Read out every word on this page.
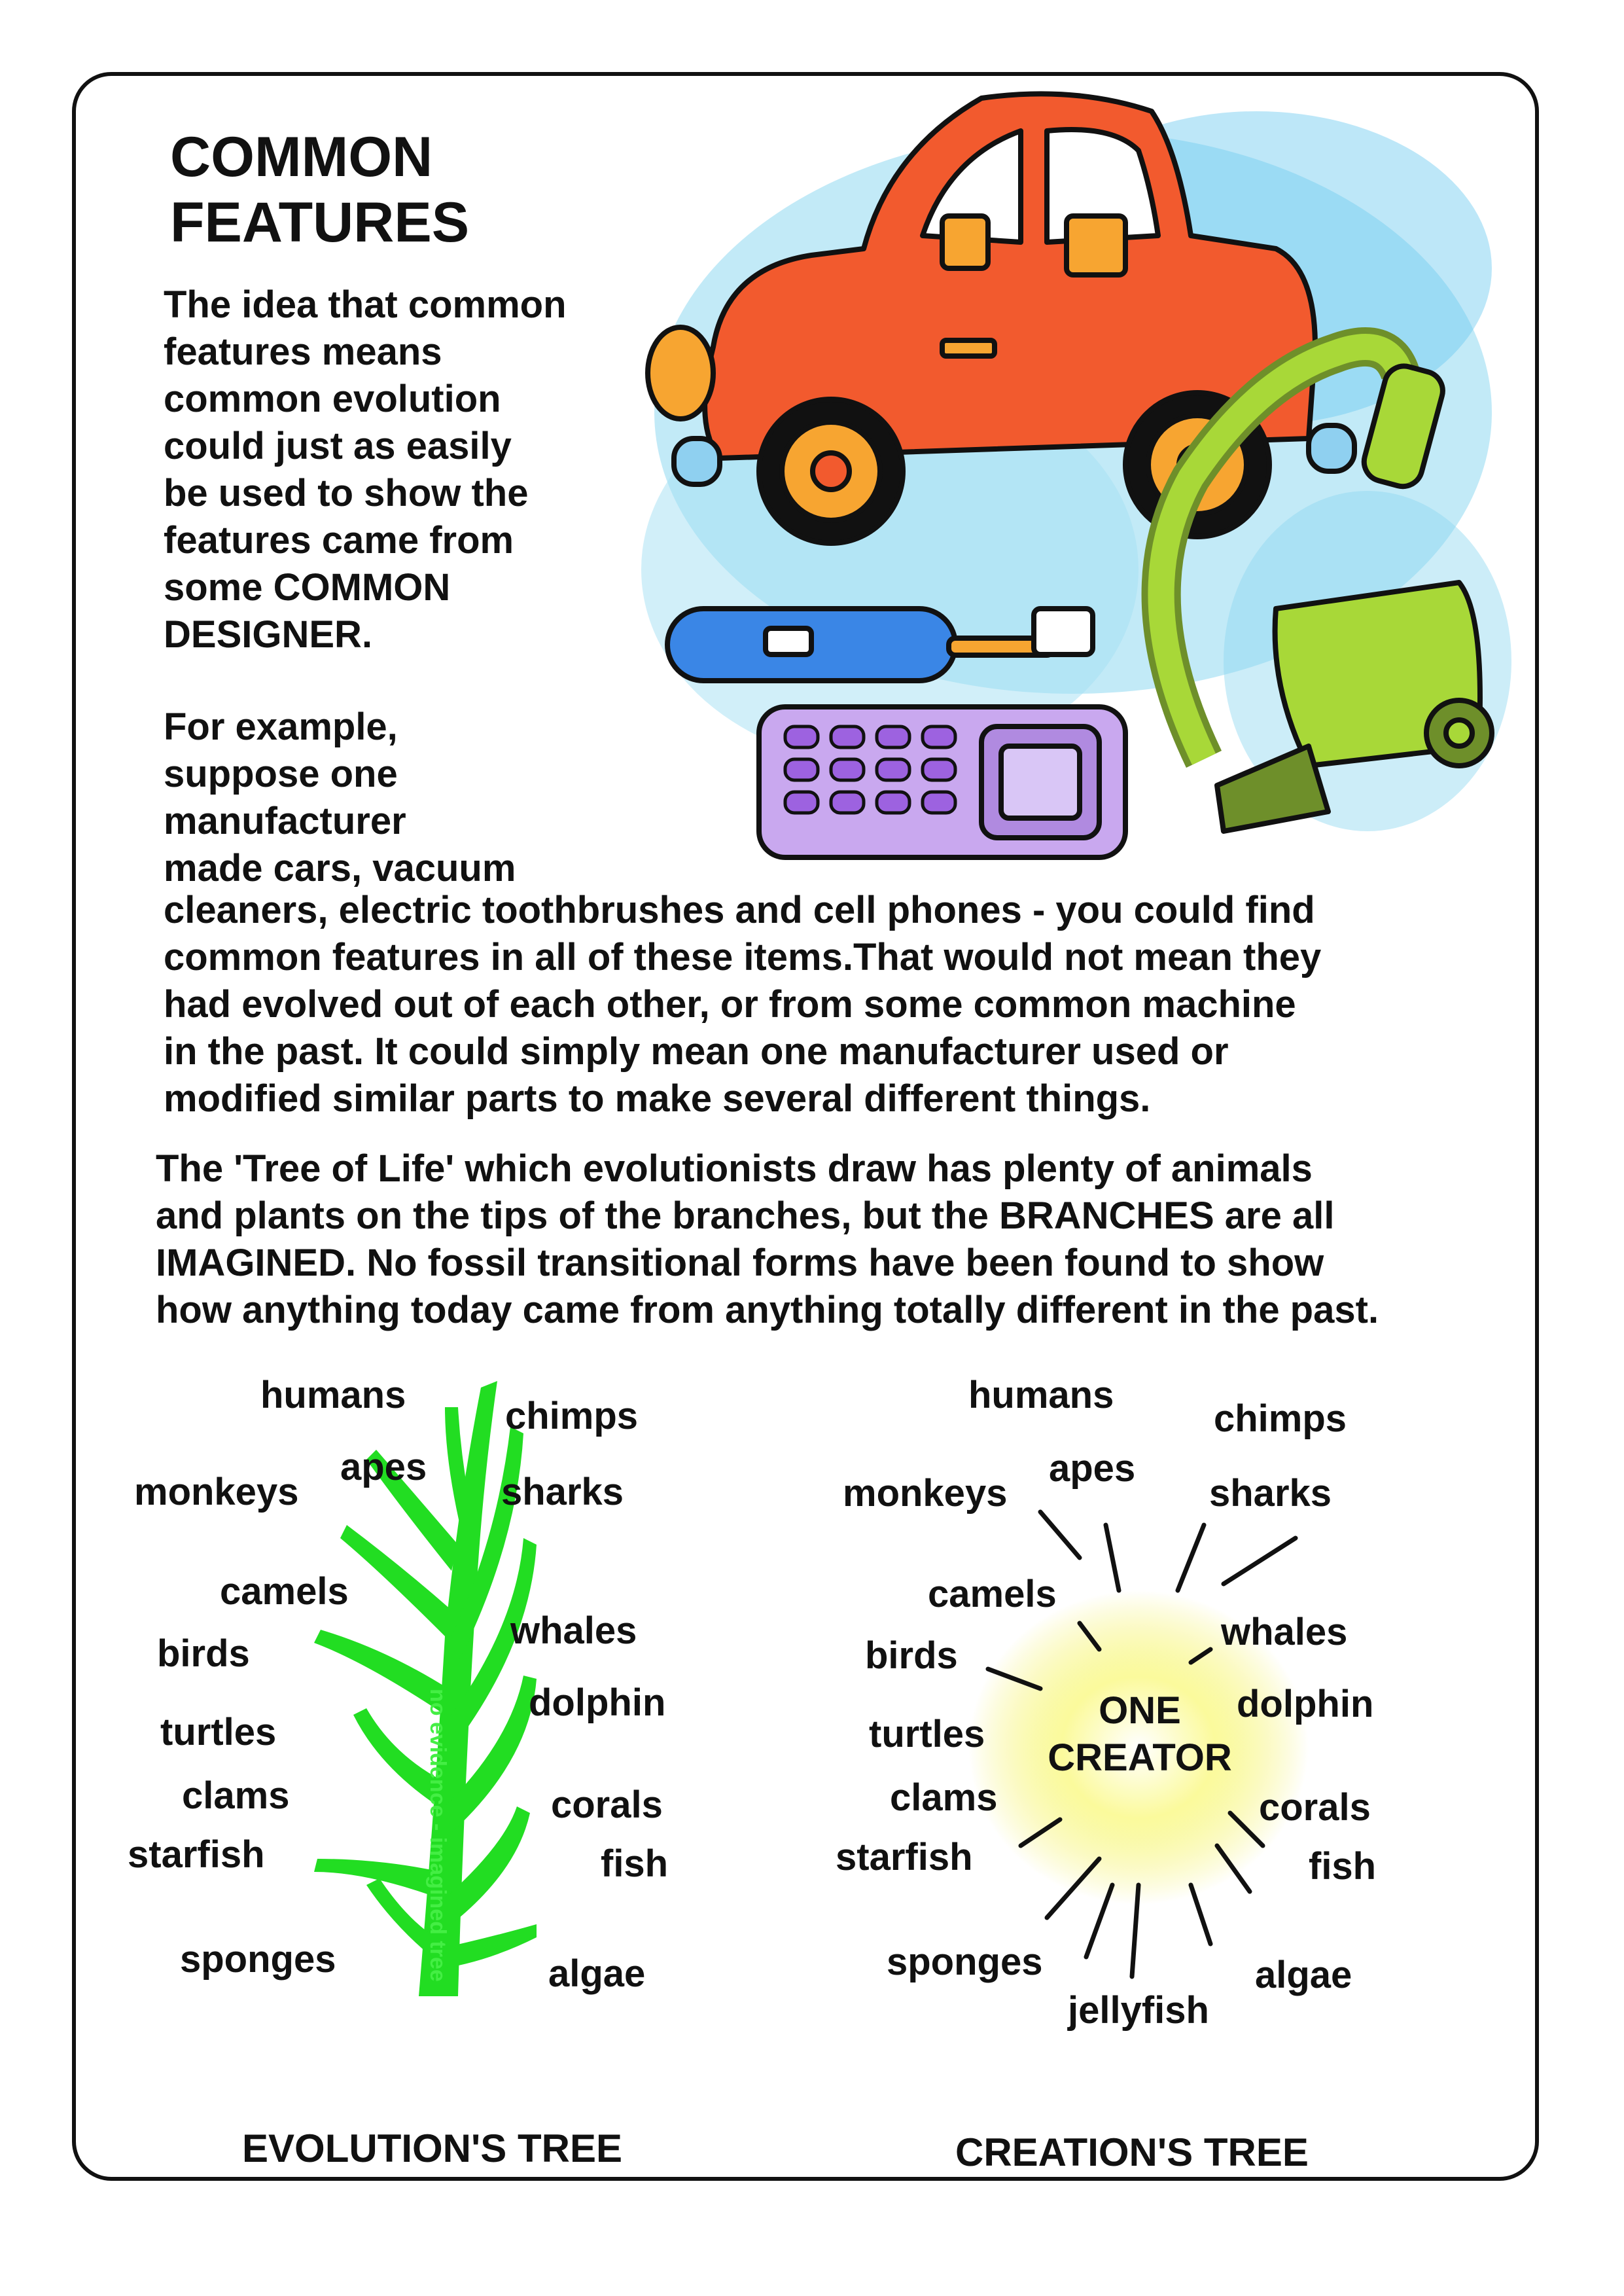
COMMON
FEATURES
The idea that common
features means
common evolution
could just as easily
be used to show the
features came from
some COMMON
DESIGNER.
For example,
suppose one
manufacturer
made cars, vacuum
cleaners, electric toothbrushes and cell phones - you could find
common features in all of these items.That would not mean they
had evolved out of each other, or from some common machine
in the past. It could simply mean one manufacturer used or
modified similar parts to make several different things.
The 'Tree of Life' which evolutionists draw has plenty of animals
and plants on the tips of the branches, but the BRANCHES are all
IMAGINED. No fossil transitional forms have been found to show
how anything today came from anything totally different in the past.
no evidence - imagined tree
humans	chimps
apes
monkeys	sharks
camels
whales
birds
dolphin
turtles
clams	corals
starfish	fish
sponges	algae
EVOLUTION'S TREE
humans
chimps
apes
monkeys	sharks
camels
whales
birds
dolphin
turtles
clams	corals
starfish	fish
sponges	algae
jellyfish
ONE
CREATOR
CREATION'S TREE
